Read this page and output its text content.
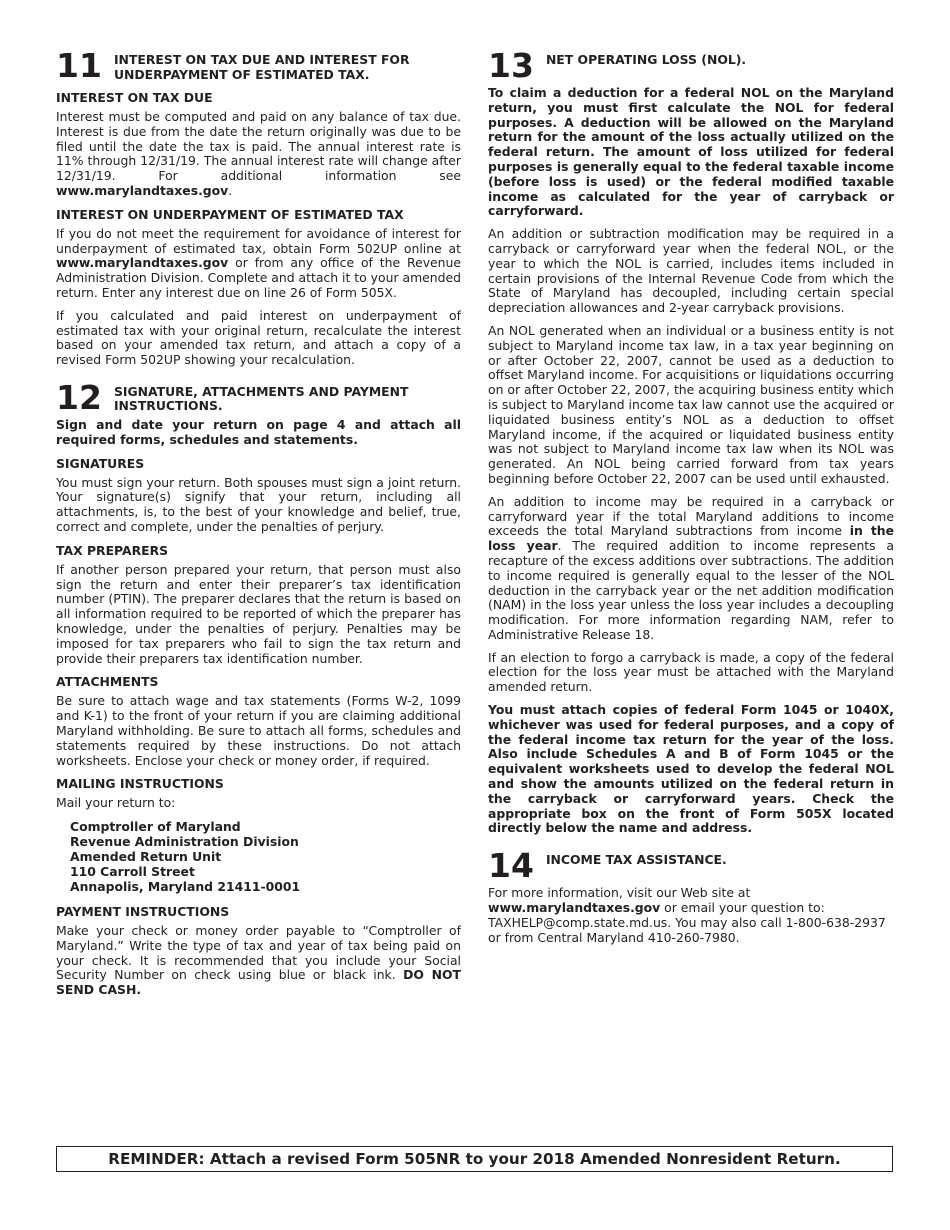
11 INTEREST ON TAX DUE AND INTEREST FOR UNDERPAYMENT OF ESTIMATED TAX.
INTEREST ON TAX DUE

Interest must be computed and paid on any balance of tax due. Interest is due from the date the return originally was due to be filed until the date the tax is paid. The annual interest rate is 11% through 12/31/19. The annual interest rate will change after 12/31/19. For additional information see www.marylandtaxes.gov.

INTEREST ON UNDERPAYMENT OF ESTIMATED TAX

If you do not meet the requirement for avoidance of interest for underpayment of estimated tax, obtain Form 502UP online at www.marylandtaxes.gov or from any office of the Revenue Administration Division. Complete and attach it to your amended return. Enter any interest due on line 26 of Form 505X.

If you calculated and paid interest on underpayment of estimated tax with your original return, recalculate the interest based on your amended tax return, and attach a copy of a revised Form 502UP showing your recalculation.

12 SIGNATURE, ATTACHMENTS AND PAYMENT INSTRUCTIONS.

Sign and date your return on page 4 and attach all required forms, schedules and statements.

SIGNATURES

You must sign your return. Both spouses must sign a joint return. Your signature(s) signify that your return, including all attachments, is, to the best of your knowledge and belief, true, correct and complete, under the penalties of perjury.

TAX PREPARERS

If another person prepared your return, that person must also sign the return and enter their preparer’s tax identification number (PTIN). The preparer declares that the return is based on all information required to be reported of which the preparer has knowledge, under the penalties of perjury. Penalties may be imposed for tax preparers who fail to sign the tax return and provide their preparers tax identification number.

ATTACHMENTS

Be sure to attach wage and tax statements (Forms W-2, 1099 and K-1) to the front of your return if you are claiming additional Maryland withholding. Be sure to attach all forms, schedules and statements required by these instructions. Do not attach worksheets. Enclose your check or money order, if required.

MAILING INSTRUCTIONS

Mail your return to:

Comptroller of Maryland
Revenue Administration Division
Amended Return Unit
110 Carroll Street
Annapolis, Maryland 21411-0001
PAYMENT INSTRUCTIONS

Make your check or money order payable to “Comptroller of Maryland.” Write the type of tax and year of tax being paid on your check. It is recommended that you include your Social Security Number on check using blue or black ink. DO NOT SEND CASH.

13 NET OPERATING LOSS (NOL).

To claim a deduction for a federal NOL on the Maryland return, you must first calculate the NOL for federal purposes. A deduction will be allowed on the Maryland return for the amount of the loss actually utilized on the federal return. The amount of loss utilized for federal purposes is generally equal to the federal taxable income (before loss is used) or the federal modified taxable income as calculated for the year of carryback or carryforward.

An addition or subtraction modification may be required in a carryback or carryforward year when the federal NOL, or the year to which the NOL is carried, includes items included in certain provisions of the Internal Revenue Code from which the State of Maryland has decoupled, including certain special depreciation allowances and 2-year carryback provisions.

An NOL generated when an individual or a business entity is not subject to Maryland income tax law, in a tax year beginning on or after October 22, 2007, cannot be used as a deduction to offset Maryland income. For acquisitions or liquidations occurring on or after October 22, 2007, the acquiring business entity which is subject to Maryland income tax law cannot use the acquired or liquidated business entity’s NOL as a deduction to offset Maryland income, if the acquired or liquidated business entity was not subject to Maryland income tax law when its NOL was generated. An NOL being carried forward from tax years beginning before October 22, 2007 can be used until exhausted.

An addition to income may be required in a carryback or carryforward year if the total Maryland additions to income exceeds the total Maryland subtractions from income in the loss year. The required addition to income represents a recapture of the excess additions over subtractions. The addition to income required is generally equal to the lesser of the NOL deduction in the carryback year or the net addition modification (NAM) in the loss year unless the loss year includes a decoupling modification. For more information regarding NAM, refer to Administrative Release 18.

If an election to forgo a carryback is made, a copy of the federal election for the loss year must be attached with the Maryland amended return.

You must attach copies of federal Form 1045 or 1040X, whichever was used for federal purposes, and a copy of the federal income tax return for the year of the loss. Also include Schedules A and B of Form 1045 or the equivalent worksheets used to develop the federal NOL and show the amounts utilized on the federal return in the carryback or carryforward years. Check the appropriate box on the front of Form 505X located directly below the name and address.

14 INCOME TAX ASSISTANCE.

For more information, visit our Web site at www.marylandtaxes.gov or email your question to: TAXHELP@comp.state.md.us. You may also call 1-800-638-2937 or from Central Maryland 410-260-7980.

REMINDER: Attach a revised Form 505NR to your 2018 Amended Nonresident Return.
